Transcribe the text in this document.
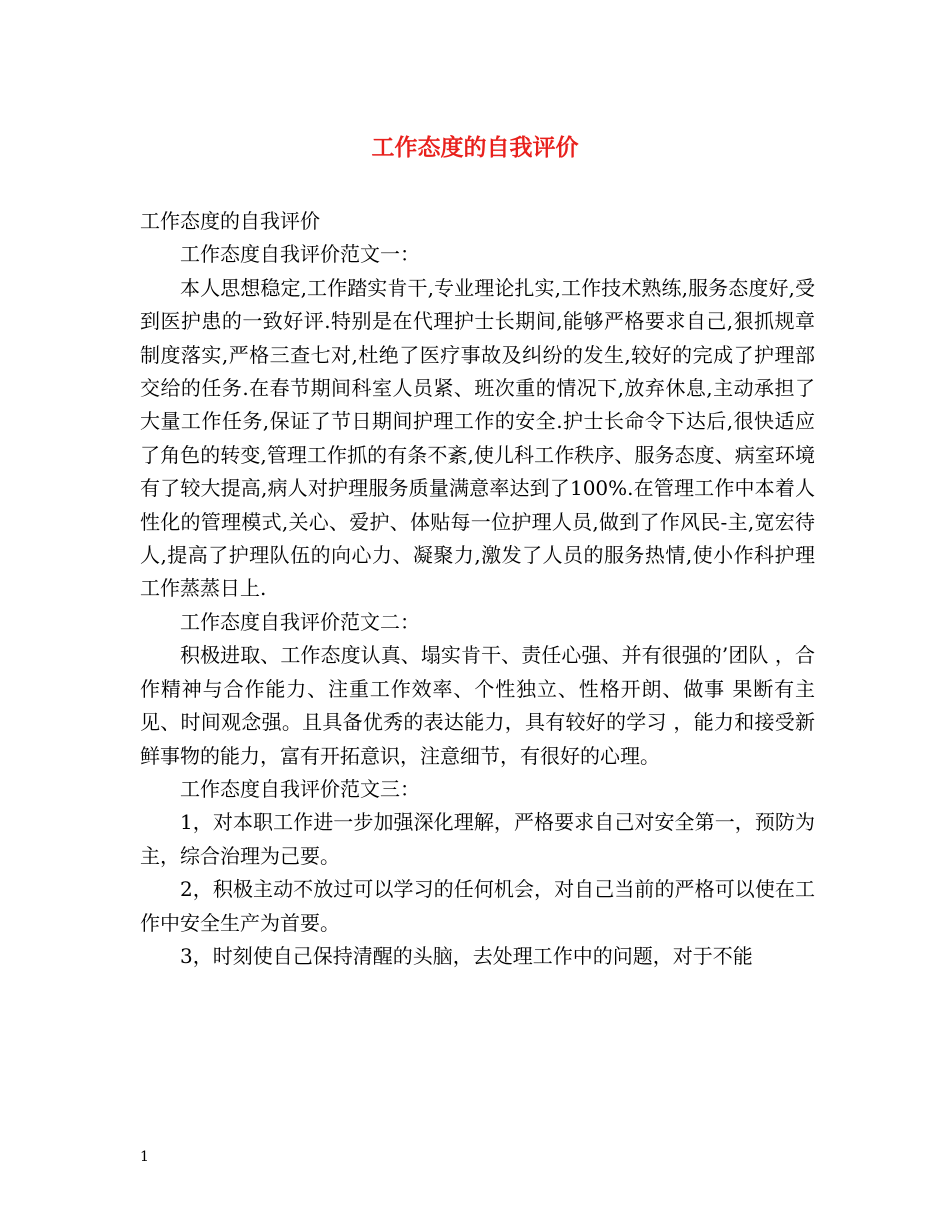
工作态度的自我评价

工作态度的自我评价

工作态度自我评价范文一：

本人思想稳定,工作踏实肯干,专业理论扎实,工作技术熟练,服务态度好,受到医护患的一致好评.特别是在代理护士长期间,能够严格要求自己,狠抓规章制度落实,严格三查七对,杜绝了医疗事故及纠纷的发生,较好的完成了护理部交给的任务.在春节期间科室人员紧、班次重的情况下,放弃休息,主动承担了大量工作任务,保证了节日期间护理工作的安全.护士长命令下达后,很快适应了角色的转变,管理工作抓的有条不紊,使儿科工作秩序、服务态度、病室环境有了较大提高,病人对护理服务质量满意率达到了100%.在管理工作中本着人性化的管理模式,关心、爱护、体贴每一位护理人员,做到了作风民-主,宽宏待人,提高了护理队伍的向心力、凝聚力,激发了人员的服务热情,使小作科护理工作蒸蒸日上.

工作态度自我评价范文二：

积极进取、工作态度认真、塌实肯干、责任心强、并有很强的’团队 ，合作精神与合作能力、注重工作效率、个性独立、性格开朗、做事 果断有主见、时间观念强。且具备优秀的表达能力，具有较好的学习 ，能力和接受新鲜事物的能力，富有开拓意识，注意细节，有很好的心理。

工作态度自我评价范文三：

1，对本职工作进一步加强深化理解，严格要求自己对安全第一，预防为主，综合治理为己要。

2，积极主动不放过可以学习的任何机会，对自己当前的严格可以使在工作中安全生产为首要。

3，时刻使自己保持清醒的头脑，去处理工作中的问题，对于不能

1
